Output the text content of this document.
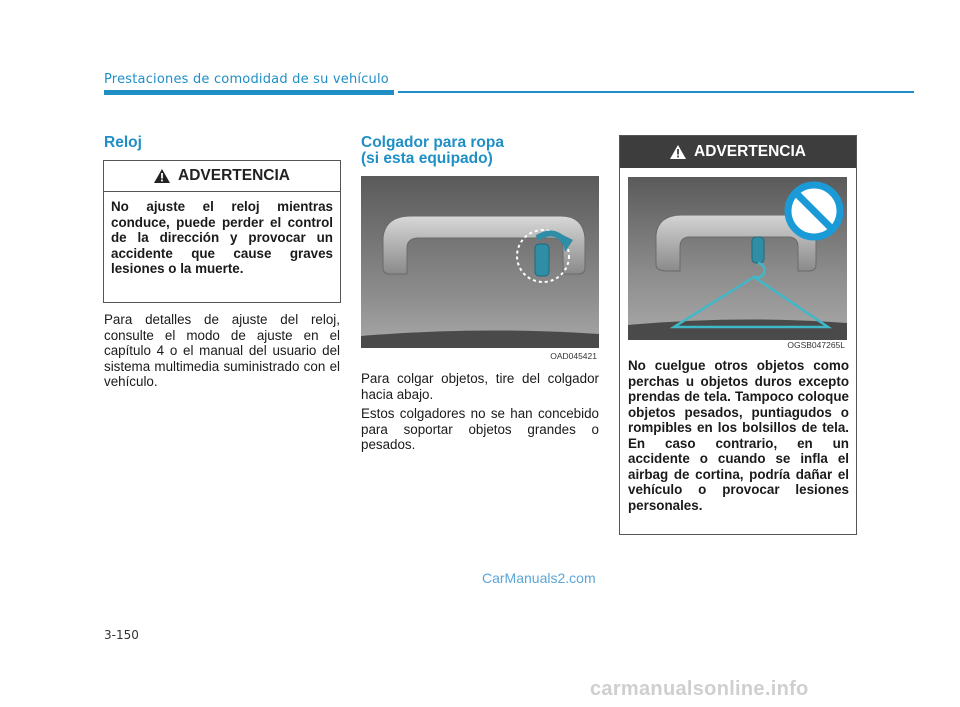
Prestaciones de comodidad de su vehículo
Reloj
ADVERTENCIA
No ajuste el reloj mientras conduce, puede perder el control de la dirección y provocar un accidente que cause graves lesiones o la muerte.
Para detalles de ajuste del reloj, consulte el modo de ajuste en el capítulo 4 o el manual del usuario del sistema multimedia suministrado con el vehículo.
Colgador para ropa
(si esta equipado)
OAD045421
Para colgar objetos, tire del colgador hacia abajo.
Estos colgadores no se han concebido para soportar objetos grandes o pesados.
ADVERTENCIA
OGSB047265L
No cuelgue otros objetos como perchas u objetos duros excepto prendas de tela. Tampoco coloque objetos pesados, puntiagudos o rompibles en los bolsillos de tela. En caso contrario, en un accidente o cuando se infla el airbag de cortina, podría dañar el vehículo o provocar lesiones personales.
CarManuals2.com
3-150
carmanualsonline.info
